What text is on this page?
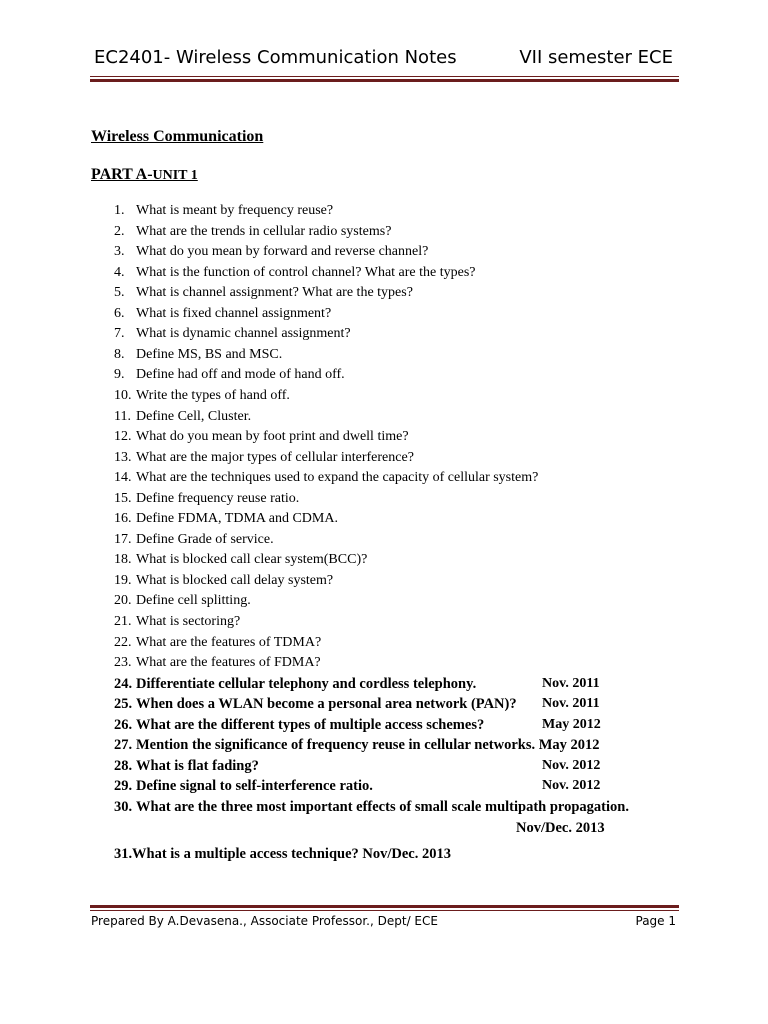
EC2401- Wireless Communication Notes	VII semester ECE
Wireless Communication
PART A-UNIT 1
1. What is meant by frequency reuse?
2. What are the trends in cellular radio systems?
3. What do you mean by forward and reverse channel?
4. What is the function of control channel? What are the types?
5. What is channel assignment? What are the types?
6. What is fixed channel assignment?
7. What is dynamic channel assignment?
8. Define MS, BS and MSC.
9. Define had off and mode of hand off.
10. Write the types of hand off.
11. Define Cell, Cluster.
12. What do you mean by foot print and dwell time?
13. What are the major types of cellular interference?
14. What are the techniques used to expand the capacity of cellular system?
15. Define frequency reuse ratio.
16. Define FDMA, TDMA and CDMA.
17. Define Grade of service.
18. What is blocked call clear system(BCC)?
19. What is blocked call delay system?
20. Define cell splitting.
21. What is sectoring?
22. What are the features of TDMA?
23. What are the features of FDMA?
24. Differentiate cellular telephony and cordless telephony.	Nov. 2011
25. When does a WLAN become a personal area network (PAN)? Nov. 2011
26. What are the different types of multiple access schemes?	May 2012
27. Mention the significance of frequency reuse in cellular networks. May 2012
28. What is flat fading?	Nov. 2012
29. Define signal to self-interference ratio.	Nov. 2012
30. What are the three most important effects of small scale multipath propagation.
Nov/Dec. 2013
31. What is a multiple access technique? Nov/Dec. 2013
Prepared By A.Devasena., Associate Professor., Dept/ ECE	Page 1
